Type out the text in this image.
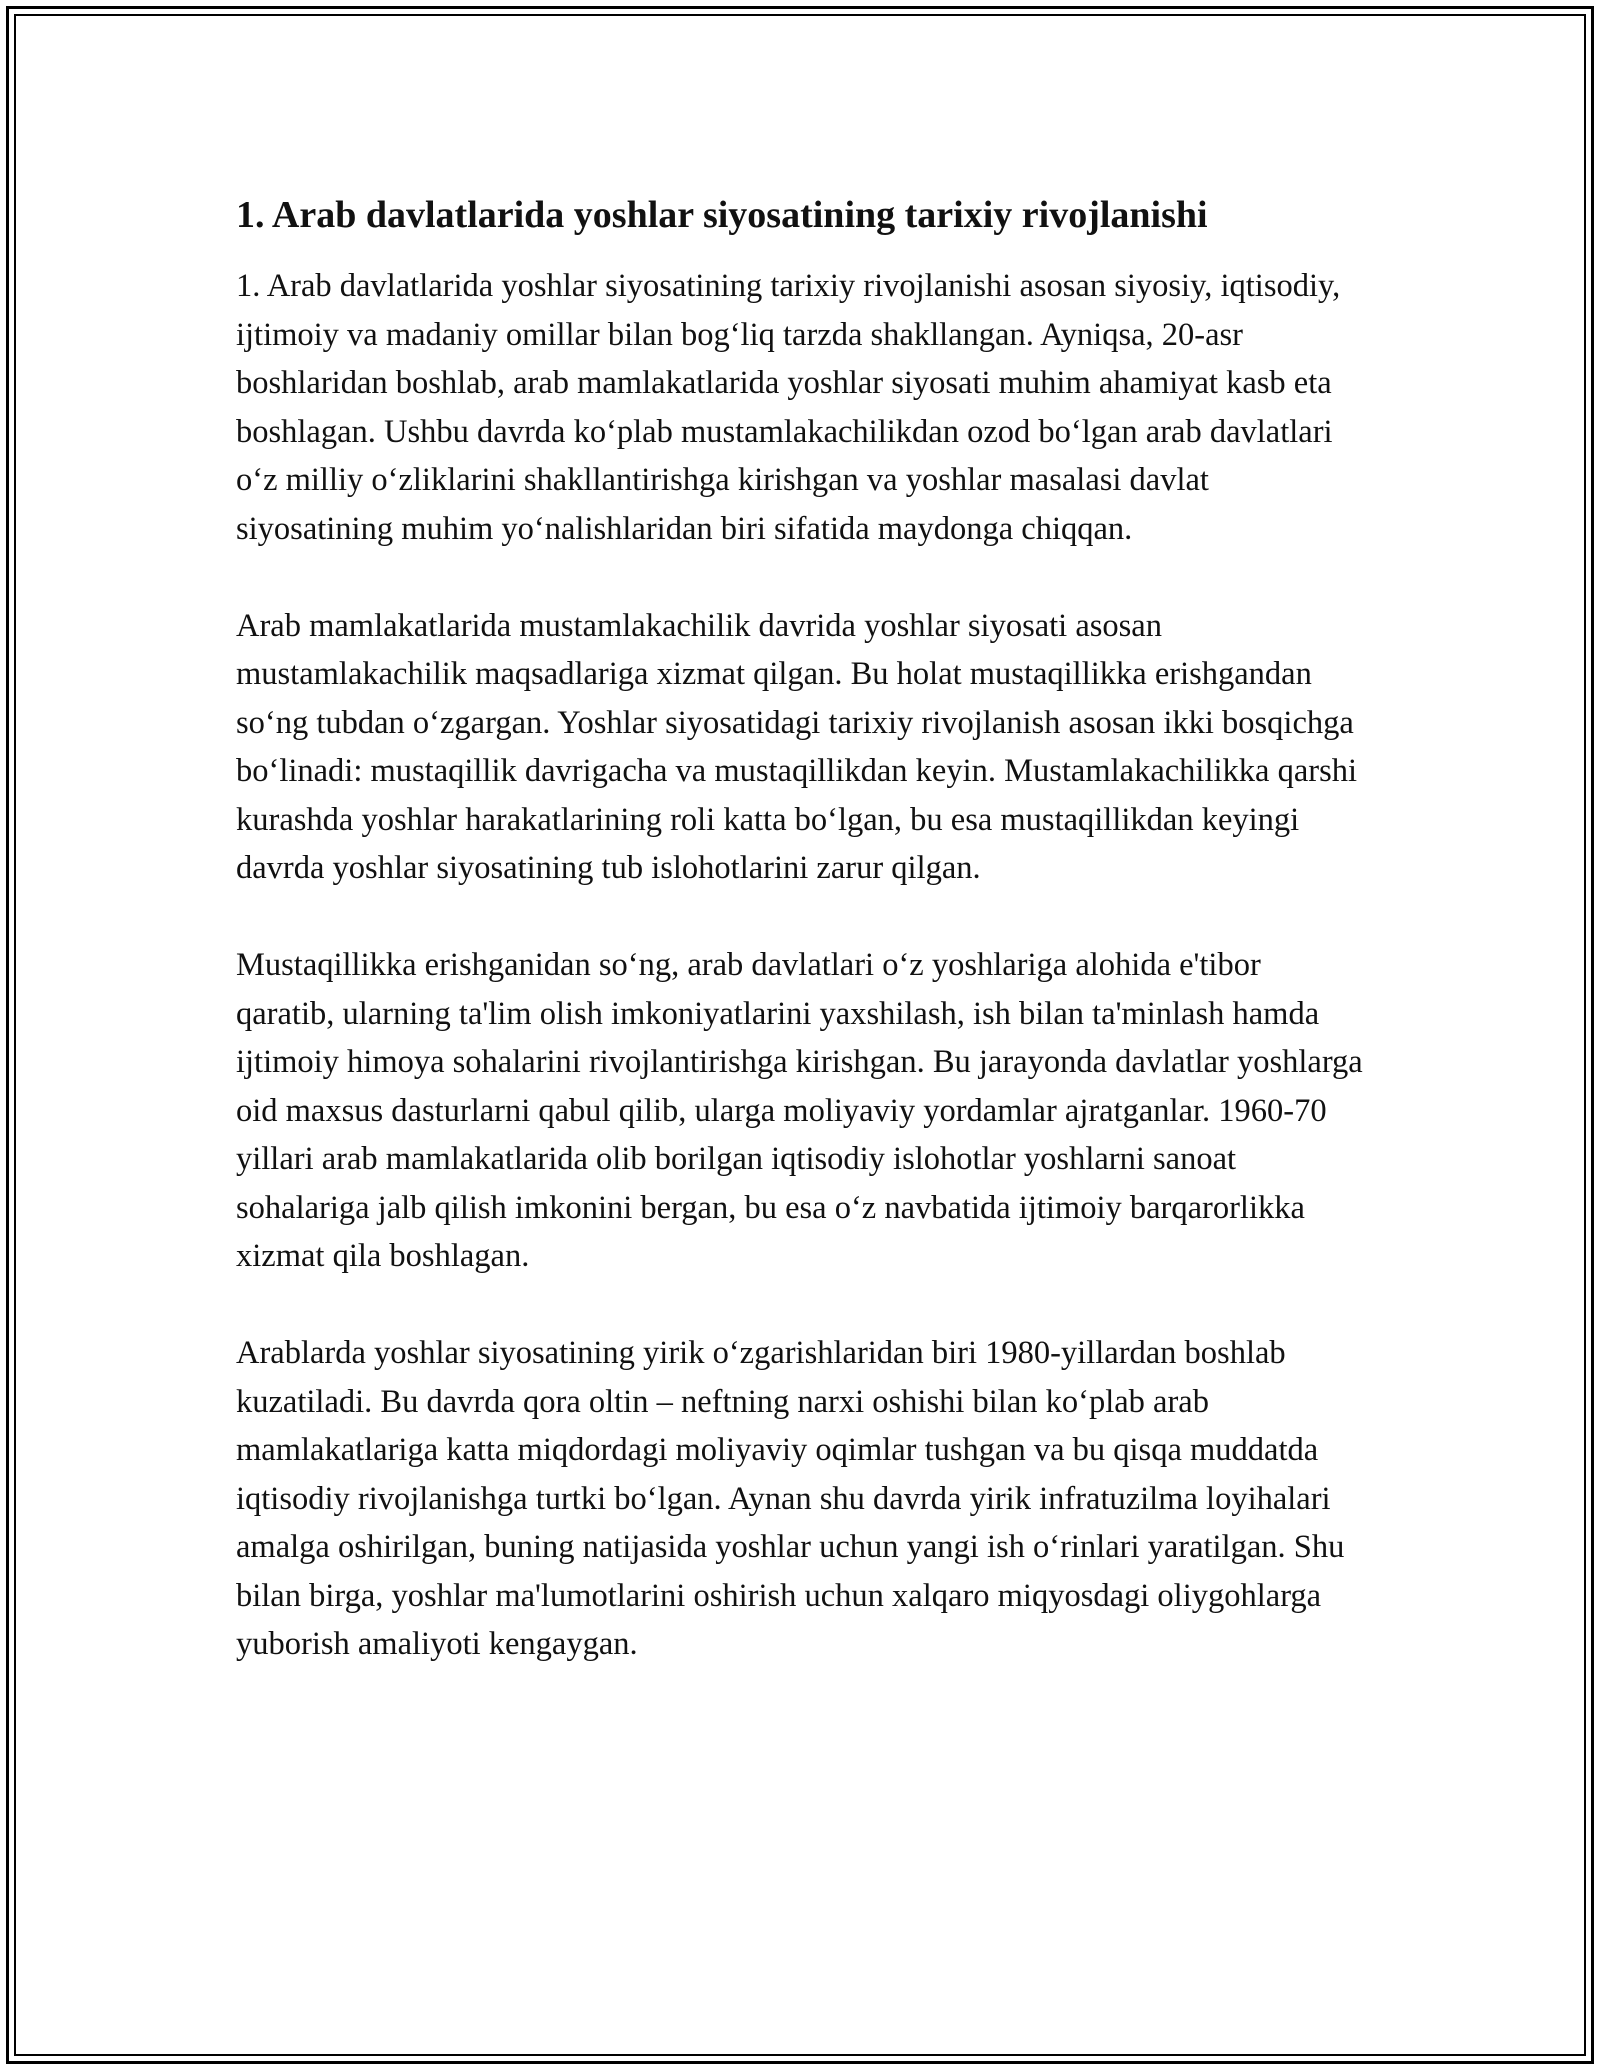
1. Arab davlatlarida yoshlar siyosatining tarixiy rivojlanishi

1. Arab davlatlarida yoshlar siyosatining tarixiy rivojlanishi asosan siyosiy, iqtisodiy, ijtimoiy va madaniy omillar bilan bogʻliq tarzda shakllangan. Ayniqsa, 20-asr boshlaridan boshlab, arab mamlakatlarida yoshlar siyosati muhim ahamiyat kasb eta boshlagan. Ushbu davrda koʻplab mustamlakachilikdan ozod boʻlgan arab davlatlari oʻz milliy oʻzliklarini shakllantirishga kirishgan va yoshlar masalasi davlat siyosatining muhim yoʻnalishlaridan biri sifatida maydonga chiqqan.

Arab mamlakatlarida mustamlakachilik davrida yoshlar siyosati asosan mustamlakachilik maqsadlariga xizmat qilgan. Bu holat mustaqillikka erishgandan soʻng tubdan oʻzgargan. Yoshlar siyosatidagi tarixiy rivojlanish asosan ikki bosqichga boʻlinadi: mustaqillik davrigacha va mustaqillikdan keyin. Mustamlakachilikka qarshi kurashda yoshlar harakatlarining roli katta boʻlgan, bu esa mustaqillikdan keyingi davrda yoshlar siyosatining tub islohotlarini zarur qilgan.

Mustaqillikka erishganidan soʻng, arab davlatlari oʻz yoshlariga alohida e'tibor qaratib, ularning ta'lim olish imkoniyatlarini yaxshilash, ish bilan ta'minlash hamda ijtimoiy himoya sohalarini rivojlantirishga kirishgan. Bu jarayonda davlatlar yoshlarga oid maxsus dasturlarni qabul qilib, ularga moliyaviy yordamlar ajratganlar. 1960-70 yillari arab mamlakatlarida olib borilgan iqtisodiy islohotlar yoshlarni sanoat sohalariga jalb qilish imkonini bergan, bu esa oʻz navbatida ijtimoiy barqarorlikka xizmat qila boshlagan.

Arablarda yoshlar siyosatining yirik oʻzgarishlaridan biri 1980-yillardan boshlab kuzatiladi. Bu davrda qora oltin – neftning narxi oshishi bilan koʻplab arab mamlakatlariga katta miqdordagi moliyaviy oqimlar tushgan va bu qisqa muddatda iqtisodiy rivojlanishga turtki boʻlgan. Aynan shu davrda yirik infratuzilma loyihalari amalga oshirilgan, buning natijasida yoshlar uchun yangi ish oʻrinlari yaratilgan. Shu bilan birga, yoshlar ma'lumotlarini oshirish uchun xalqaro miqyosdagi oliygohlarga yuborish amaliyoti kengaygan.
